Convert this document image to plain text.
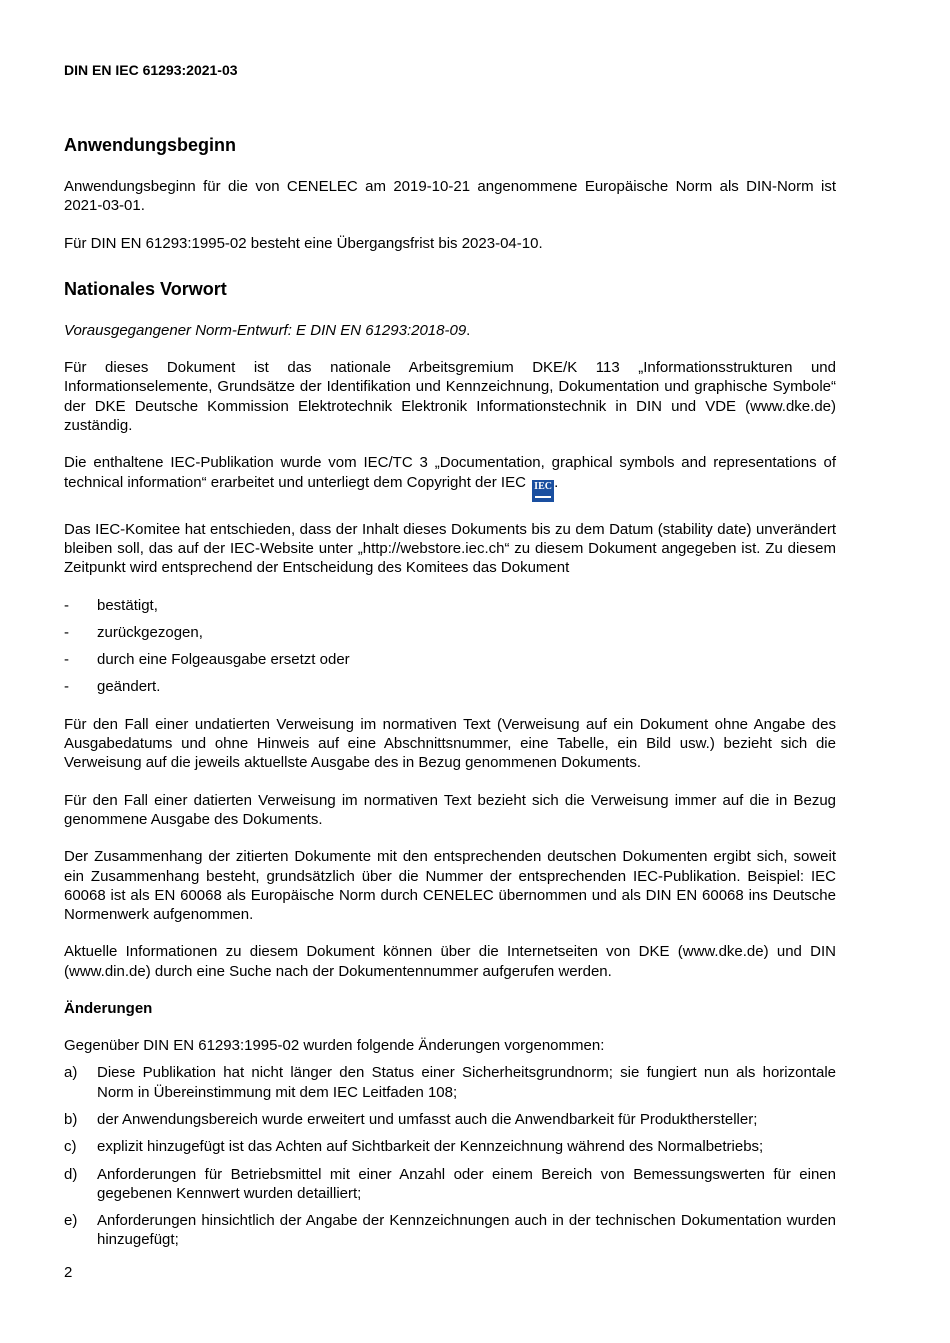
DIN EN IEC 61293:2021-03
Anwendungsbeginn

Anwendungsbeginn für die von CENELEC am 2019-10-21 angenommene Europäische Norm als DIN-Norm ist 2021-03-01.

Für DIN EN 61293:1995-02 besteht eine Übergangsfrist bis 2023-04-10.

Nationales Vorwort

Vorausgegangener Norm-Entwurf: E DIN EN 61293:2018-09.

Für dieses Dokument ist das nationale Arbeitsgremium DKE/K 113 „Informationsstrukturen und Informationselemente, Grundsätze der Identifikation und Kennzeichnung, Dokumentation und graphische Symbole“ der DKE Deutsche Kommission Elektrotechnik Elektronik Informationstechnik in DIN und VDE (www.dke.de) zuständig.

Die enthaltene IEC-Publikation wurde vom IEC/TC 3 „Documentation, graphical symbols and representations of technical information“ erarbeitet und unterliegt dem Copyright der IEC IEC .

Das IEC-Komitee hat entschieden, dass der Inhalt dieses Dokuments bis zu dem Datum (stability date) unverändert bleiben soll, das auf der IEC-Website unter „http://webstore.iec.ch“ zu diesem Dokument angegeben ist. Zu diesem Zeitpunkt wird entsprechend der Entscheidung des Komitees das Dokument

- bestätigt,
- zurückgezogen,
- durch eine Folgeausgabe ersetzt oder
- geändert.

Für den Fall einer undatierten Verweisung im normativen Text (Verweisung auf ein Dokument ohne Angabe des Ausgabedatums und ohne Hinweis auf eine Abschnittsnummer, eine Tabelle, ein Bild usw.) bezieht sich die Verweisung auf die jeweils aktuellste Ausgabe des in Bezug genommenen Dokuments.

Für den Fall einer datierten Verweisung im normativen Text bezieht sich die Verweisung immer auf die in Bezug genommene Ausgabe des Dokuments.

Der Zusammenhang der zitierten Dokumente mit den entsprechenden deutschen Dokumenten ergibt sich, soweit ein Zusammenhang besteht, grundsätzlich über die Nummer der entsprechenden IEC-Publikation. Beispiel: IEC 60068 ist als EN 60068 als Europäische Norm durch CENELEC übernommen und als DIN EN 60068 ins Deutsche Normenwerk aufgenommen.

Aktuelle Informationen zu diesem Dokument können über die Internetseiten von DKE (www.dke.de) und DIN (www.din.de) durch eine Suche nach der Dokumentennummer aufgerufen werden.

Änderungen

Gegenüber DIN EN 61293:1995-02 wurden folgende Änderungen vorgenommen:

a) Diese Publikation hat nicht länger den Status einer Sicherheitsgrundnorm; sie fungiert nun als horizontale Norm in Übereinstimmung mit dem IEC Leitfaden 108;
b) der Anwendungsbereich wurde erweitert und umfasst auch die Anwendbarkeit für Produkthersteller;
c) explizit hinzugefügt ist das Achten auf Sichtbarkeit der Kennzeichnung während des Normalbetriebs;
d) Anforderungen für Betriebsmittel mit einer Anzahl oder einem Bereich von Bemessungswerten für einen gegebenen Kennwert wurden detailliert;
e) Anforderungen hinsichtlich der Angabe der Kennzeichnungen auch in der technischen Dokumentation wurden hinzugefügt;
2
